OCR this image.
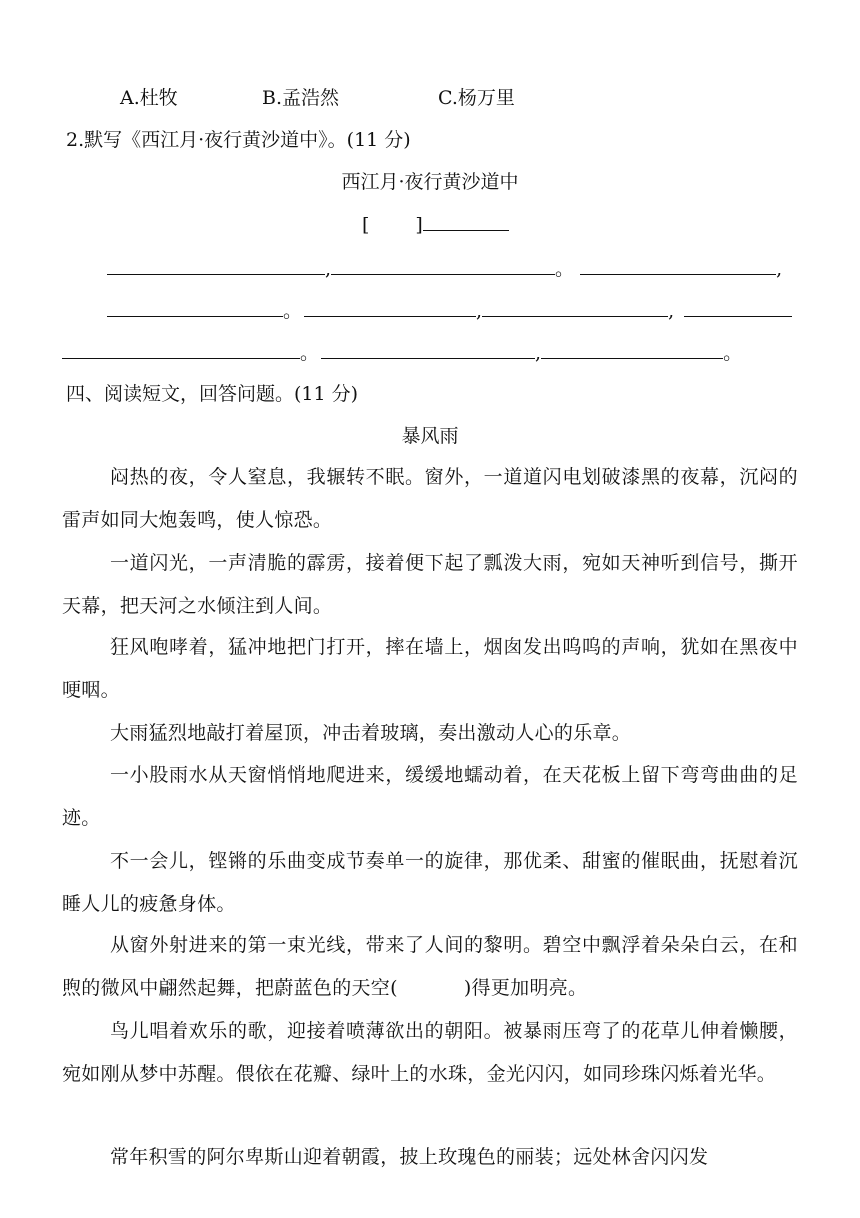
A.杜牧	B.孟浩然	C.杨万里
2.默写《西江月·夜行黄沙道中》。(11 分)
西江月·夜行黄沙道中
[ ]
,	。	,
。	,	,
。	,	。
四、阅读短文，回答问题。(11 分)
暴风雨

闷热的夜，令人窒息，我辗转不眠。窗外，一道道闪电划破漆黑的夜幕，沉闷的雷声如同大炮轰鸣，使人惊恐。

一道闪光，一声清脆的霹雳，接着便下起了瓢泼大雨，宛如天神听到信号，撕开天幕，把天河之水倾注到人间。

狂风咆哮着，猛冲地把门打开，摔在墙上，烟囱发出呜呜的声响，犹如在黑夜中哽咽。

大雨猛烈地敲打着屋顶，冲击着玻璃，奏出激动人心的乐章。

一小股雨水从天窗悄悄地爬进来，缓缓地蠕动着，在天花板上留下弯弯曲曲的足迹。

不一会儿，铿锵的乐曲变成节奏单一的旋律，那优柔、甜蜜的催眠曲，抚慰着沉睡人儿的疲惫身体。

从窗外射进来的第一束光线，带来了人间的黎明。碧空中飘浮着朵朵白云，在和煦的微风中翩然起舞，把蔚蓝色的天空(	)得更加明亮。

鸟儿唱着欢乐的歌，迎接着喷薄欲出的朝阳。被暴雨压弯了的花草儿伸着懒腰，宛如刚从梦中苏醒。偎依在花瓣、绿叶上的水珠，金光闪闪，如同珍珠闪烁着光华。

常年积雪的阿尔卑斯山迎着朝霞，披上玫瑰色的丽装；远处林舍闪闪发
